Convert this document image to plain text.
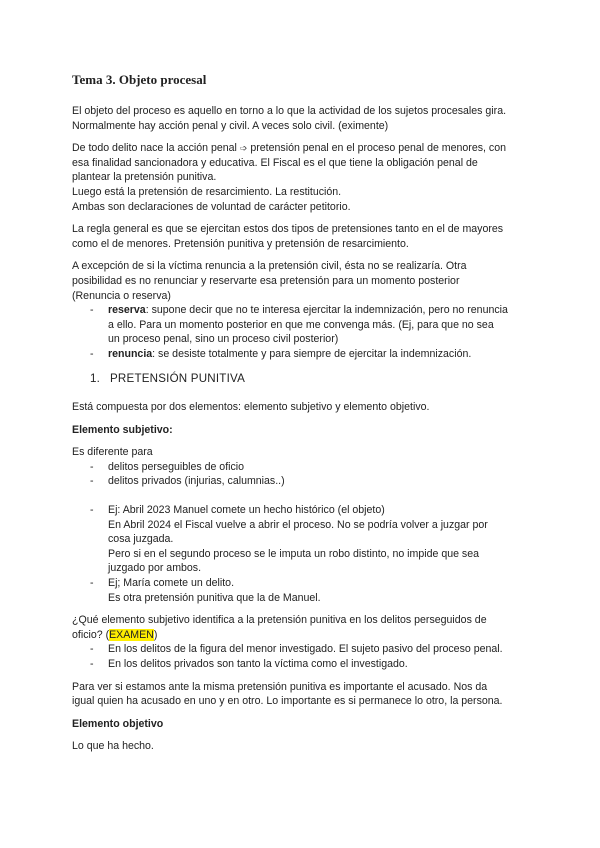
Tema 3. Objeto procesal

El objeto del proceso es aquello en torno a lo que la actividad de los sujetos procesales gira.
Normalmente hay acción penal y civil. A veces solo civil. (eximente)

De todo delito nace la acción penal ➩ pretensión penal en el proceso penal de menores, con
esa finalidad sancionadora y educativa. El Fiscal es el que tiene la obligación penal de
plantear la pretensión punitiva.
Luego está la pretensión de resarcimiento. La restitución.
Ambas son declaraciones de voluntad de carácter petitorio.

La regla general es que se ejercitan estos dos tipos de pretensiones tanto en el de mayores
como el de menores. Pretensión punitiva y pretensión de resarcimiento.

A excepción de si la víctima renuncia a la pretensión civil, ésta no se realizaría. Otra
posibilidad es no renunciar y reservarte esa pretensión para un momento posterior
(Renuncia o reserva)

- reserva: supone decir que no te interesa ejercitar la indemnización, pero no renuncia
a ello. Para un momento posterior en que me convenga más. (Ej, para que no sea
un proceso penal, sino un proceso civil posterior)
- renuncia: se desiste totalmente y para siempre de ejercitar la indemnización.
1. PRETENSIÓN PUNITIVA

Está compuesta por dos elementos: elemento subjetivo y elemento objetivo.

Elemento subjetivo:

Es diferente para

- delitos perseguibles de oficio
- delitos privados (injurias, calumnias..)
- Ej: Abril 2023 Manuel comete un hecho histórico (el objeto)
En Abril 2024 el Fiscal vuelve a abrir el proceso. No se podría volver a juzgar por
cosa juzgada.
Pero si en el segundo proceso se le imputa un robo distinto, no impide que sea
juzgado por ambos.
- Ej; María comete un delito.
Es otra pretensión punitiva que la de Manuel.

¿Qué elemento subjetivo identifica a la pretensión punitiva en los delitos perseguidos de
oficio? (EXAMEN)

- En los delitos de la figura del menor investigado. El sujeto pasivo del proceso penal.
- En los delitos privados son tanto la víctima como el investigado.

Para ver si estamos ante la misma pretensión punitiva es importante el acusado. Nos da
igual quien ha acusado en uno y en otro. Lo importante es si permanece lo otro, la persona.

Elemento objetivo

Lo que ha hecho.
